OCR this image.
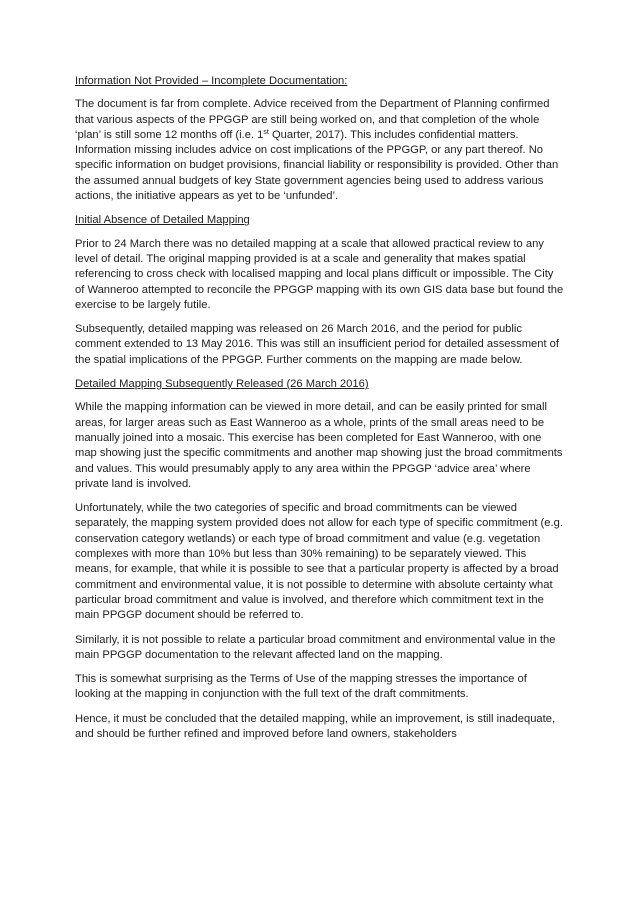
Information Not Provided – Incomplete Documentation:

The document is far from complete. Advice received from the Department of Planning confirmed that various aspects of the PPGGP are still being worked on, and that completion of the whole ‘plan’ is still some 12 months off (i.e. 1st Quarter, 2017). This includes confidential matters. Information missing includes advice on cost implications of the PPGGP, or any part thereof. No specific information on budget provisions, financial liability or responsibility is provided. Other than the assumed annual budgets of key State government agencies being used to address various actions, the initiative appears as yet to be ‘unfunded’.

Initial Absence of Detailed Mapping

Prior to 24 March there was no detailed mapping at a scale that allowed practical review to any level of detail. The original mapping provided is at a scale and generality that makes spatial referencing to cross check with localised mapping and local plans difficult or impossible. The City of Wanneroo attempted to reconcile the PPGGP mapping with its own GIS data base but found the exercise to be largely futile.

Subsequently, detailed mapping was released on 26 March 2016, and the period for public comment extended to 13 May 2016. This was still an insufficient period for detailed assessment of the spatial implications of the PPGGP. Further comments on the mapping are made below.

Detailed Mapping Subsequently Released (26 March 2016)

While the mapping information can be viewed in more detail, and can be easily printed for small areas, for larger areas such as East Wanneroo as a whole, prints of the small areas need to be manually joined into a mosaic. This exercise has been completed for East Wanneroo, with one map showing just the specific commitments and another map showing just the broad commitments and values. This would presumably apply to any area within the PPGGP ‘advice area’ where private land is involved.

Unfortunately, while the two categories of specific and broad commitments can be viewed separately, the mapping system provided does not allow for each type of specific commitment (e.g. conservation category wetlands) or each type of broad commitment and value (e.g. vegetation complexes with more than 10% but less than 30% remaining) to be separately viewed. This means, for example, that while it is possible to see that a particular property is affected by a broad commitment and environmental value, it is not possible to determine with absolute certainty what particular broad commitment and value is involved, and therefore which commitment text in the main PPGGP document should be referred to.

Similarly, it is not possible to relate a particular broad commitment and environmental value in the main PPGGP documentation to the relevant affected land on the mapping.

This is somewhat surprising as the Terms of Use of the mapping stresses the importance of looking at the mapping in conjunction with the full text of the draft commitments.

Hence, it must be concluded that the detailed mapping, while an improvement, is still inadequate, and should be further refined and improved before land owners, stakeholders
